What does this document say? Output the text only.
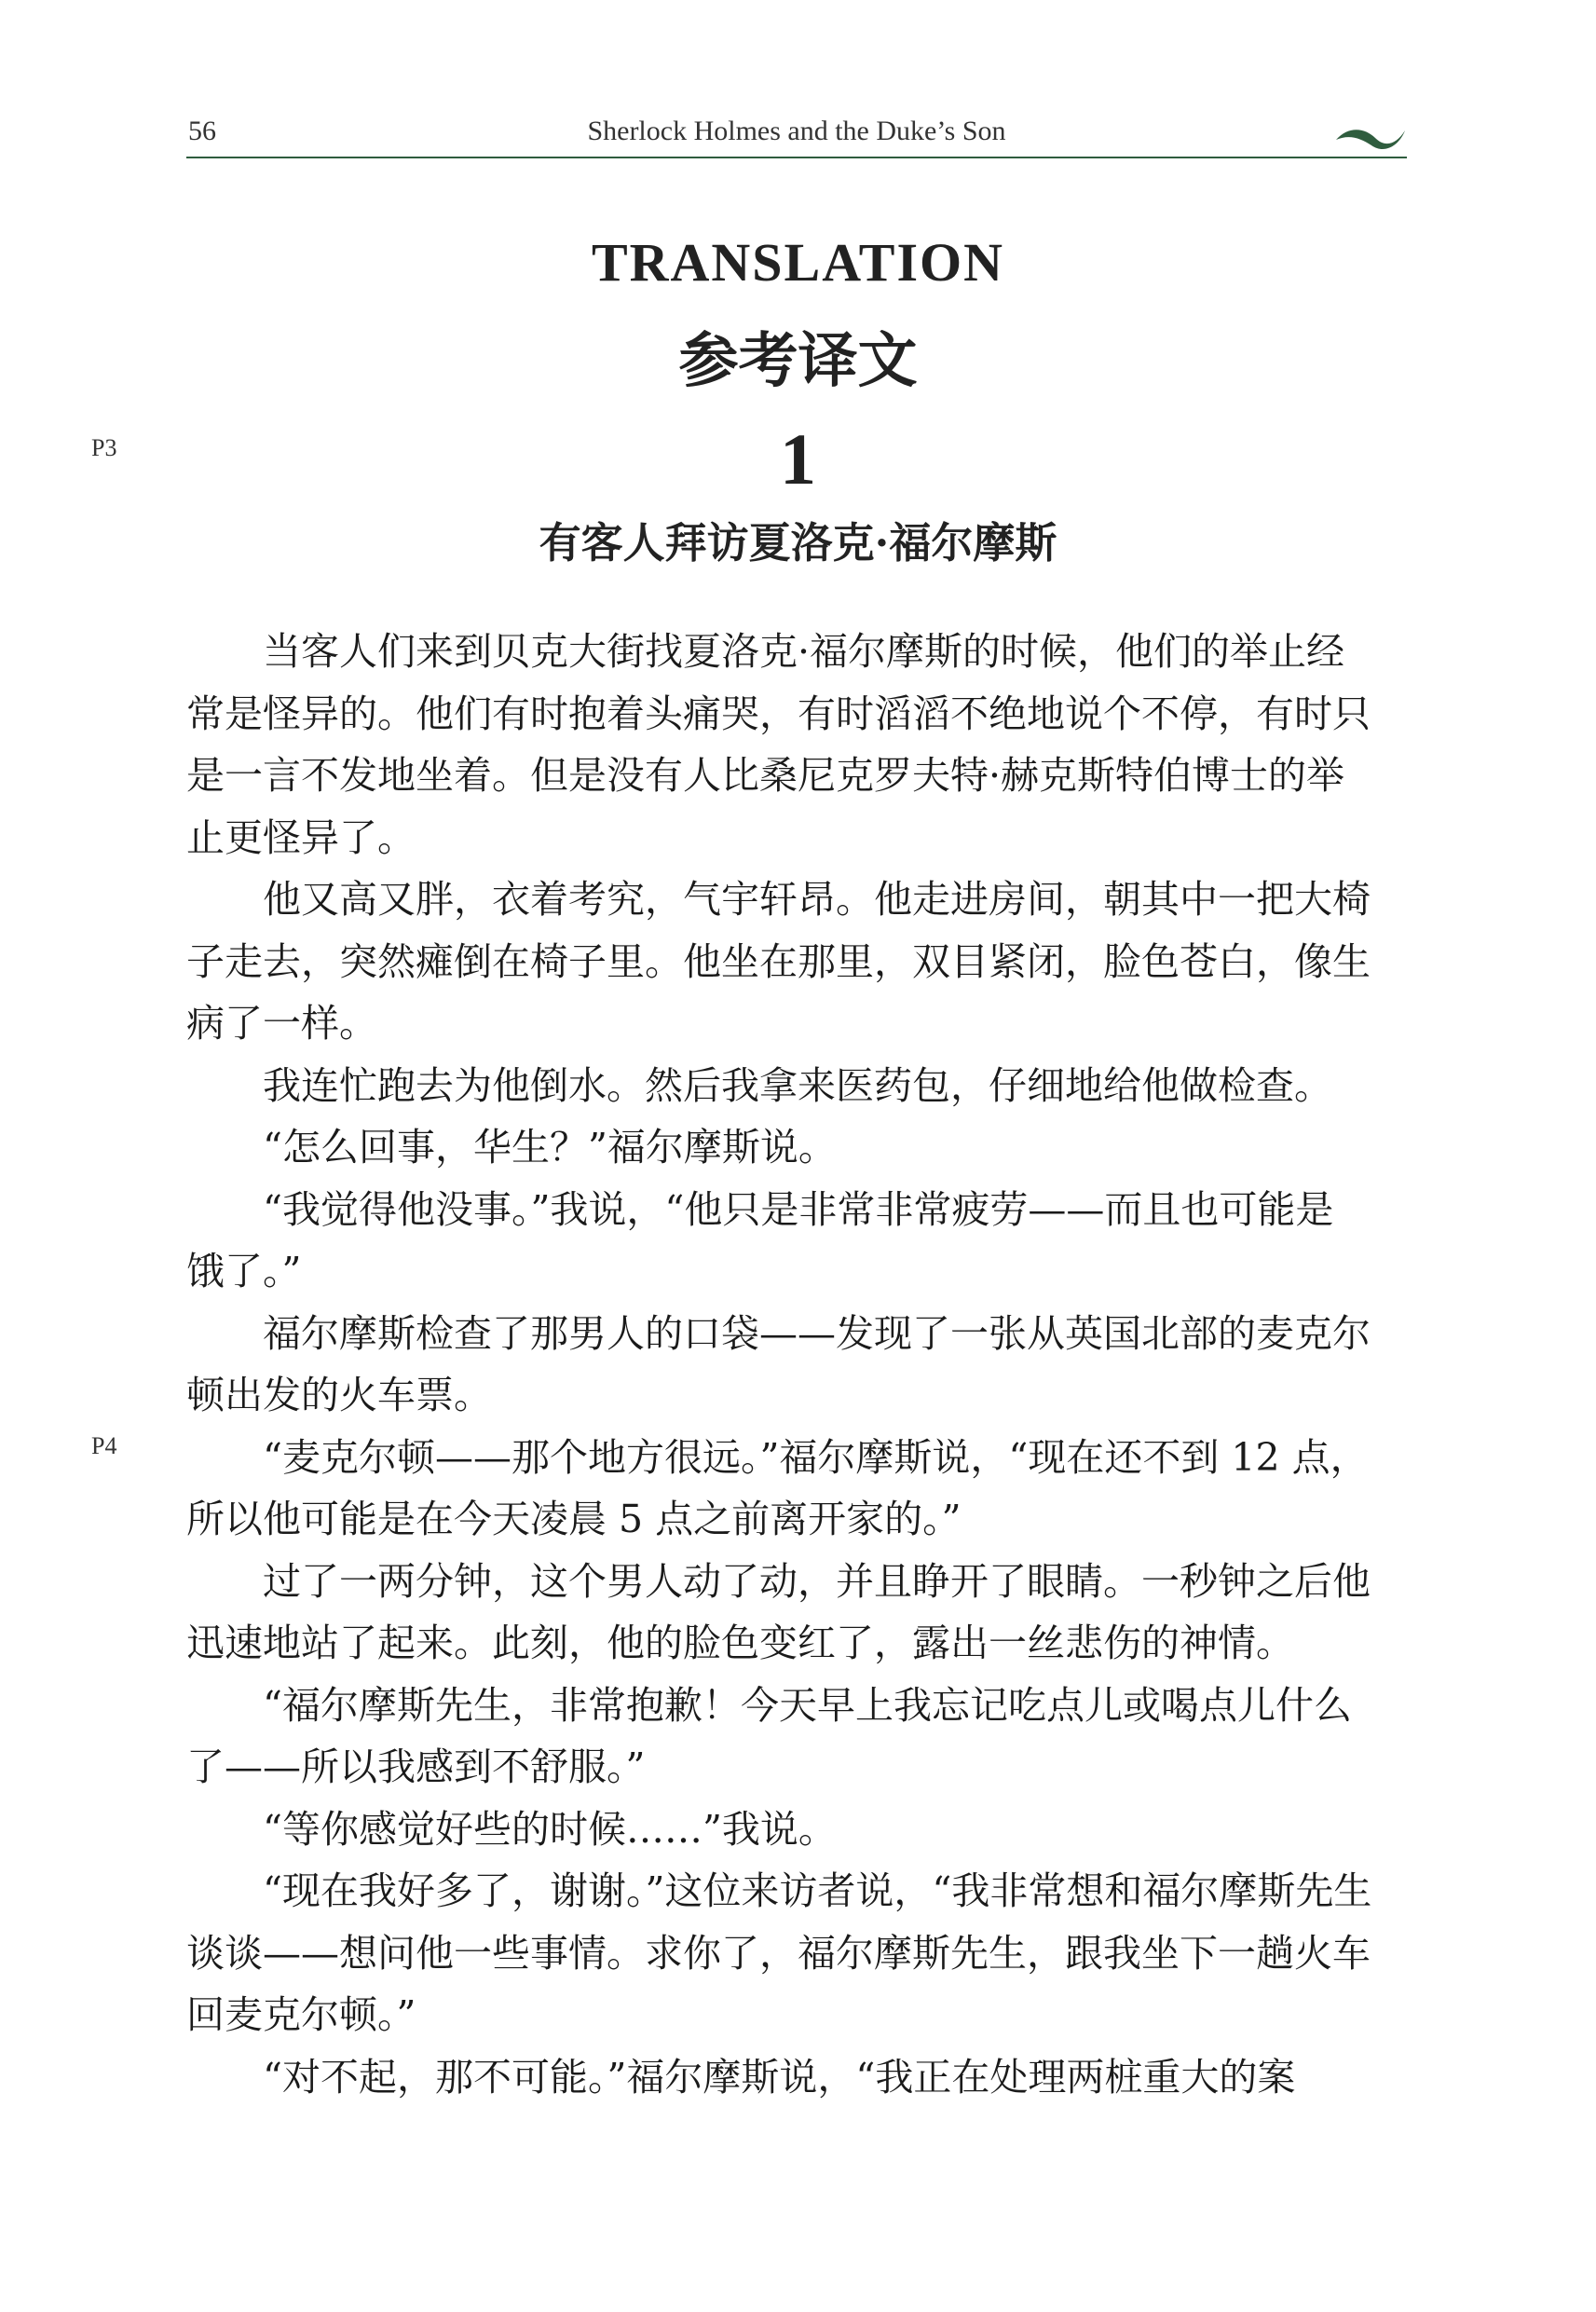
56	Sherlock Holmes and the Duke’s Son
TRANSLATION
参考译文
P3
P4
1
有客人拜访夏洛克·福尔摩斯

当客人们来到贝克大街找夏洛克·福尔摩斯的时候，他们的举止经
常是怪异的。他们有时抱着头痛哭，有时滔滔不绝地说个不停，有时只
是一言不发地坐着。但是没有人比桑尼克罗夫特·赫克斯特伯博士的举
止更怪异了。

他又高又胖，衣着考究，气宇轩昂。他走进房间，朝其中一把大椅
子走去，突然瘫倒在椅子里。他坐在那里，双目紧闭，脸色苍白，像生
病了一样。

我连忙跑去为他倒水。然后我拿来医药包，仔细地给他做检查。

“怎么回事，华生？”福尔摩斯说。

“我觉得他没事。”我说，“他只是非常非常疲劳——而且也可能是
饿了。”

福尔摩斯检查了那男人的口袋——发现了一张从英国北部的麦克尔
顿出发的火车票。

“麦克尔顿——那个地方很远。”福尔摩斯说，“现在还不到 12 点，
所以他可能是在今天凌晨 5 点之前离开家的。”

过了一两分钟，这个男人动了动，并且睁开了眼睛。一秒钟之后他
迅速地站了起来。此刻，他的脸色变红了，露出一丝悲伤的神情。

“福尔摩斯先生，非常抱歉！今天早上我忘记吃点儿或喝点儿什么
了——所以我感到不舒服。”

“等你感觉好些的时候……”我说。

“现在我好多了，谢谢。”这位来访者说，“我非常想和福尔摩斯先生
谈谈——想问他一些事情。求你了，福尔摩斯先生，跟我坐下一趟火车
回麦克尔顿。”

“对不起，那不可能。”福尔摩斯说，“我正在处理两桩重大的案
